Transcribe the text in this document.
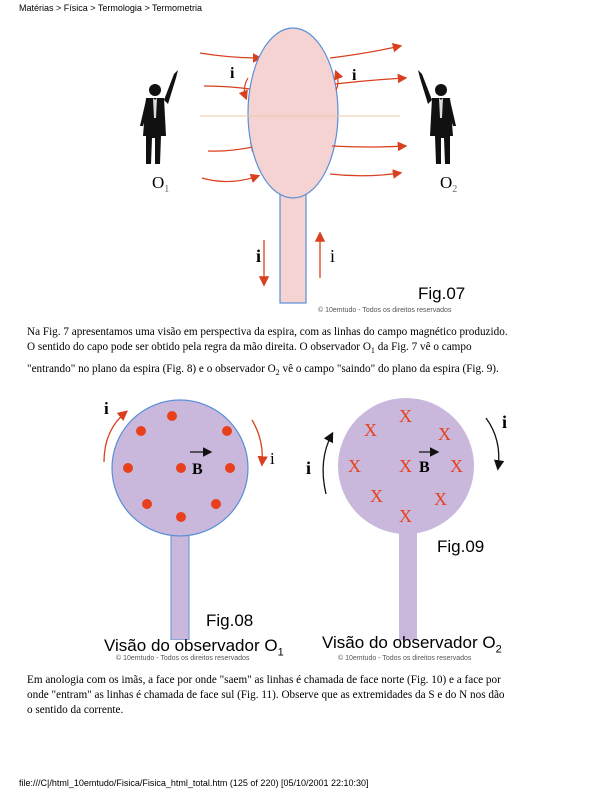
Matérias > Física > Termologia > Termometria
i	i
i	i
$O_1$	$O_2$
Fig.07
© 10emtudo - Todos os direitos reservados
Na Fig. 7 apresentamos uma visão em perspectiva da espira, com as linhas do campo magnético produzido.
O sentido do capo pode ser obtido pela regra da mão direita. O observador $O_1$ da Fig. 7 vê o campo
"entrando" no plano da espira (Fig. 8) e o observador $O_2$ vê o campo "saindo" do plano da espira (Fig. 9).
B
i
i
Fig.08
Visão do observador $O_1$
© 10emtudo - Todos os direitos reservados
X
X	X
X X X
X	X
X
B
i
i
Fig.09
Visão do observador $O_2$
© 10emtudo - Todos os direitos reservados
Em anologia com os imãs, a face por onde "saem" as linhas é chamada de face norte (Fig. 10) e a face por
onde "entram" as linhas é chamada de face sul (Fig. 11). Observe que as extremidades da S e do N nos dão
o sentido da corrente.
file:///C|/html_10emtudo/Fisica/Fisica_html_total.htm (125 of 220) [05/10/2001 22:10:30]
